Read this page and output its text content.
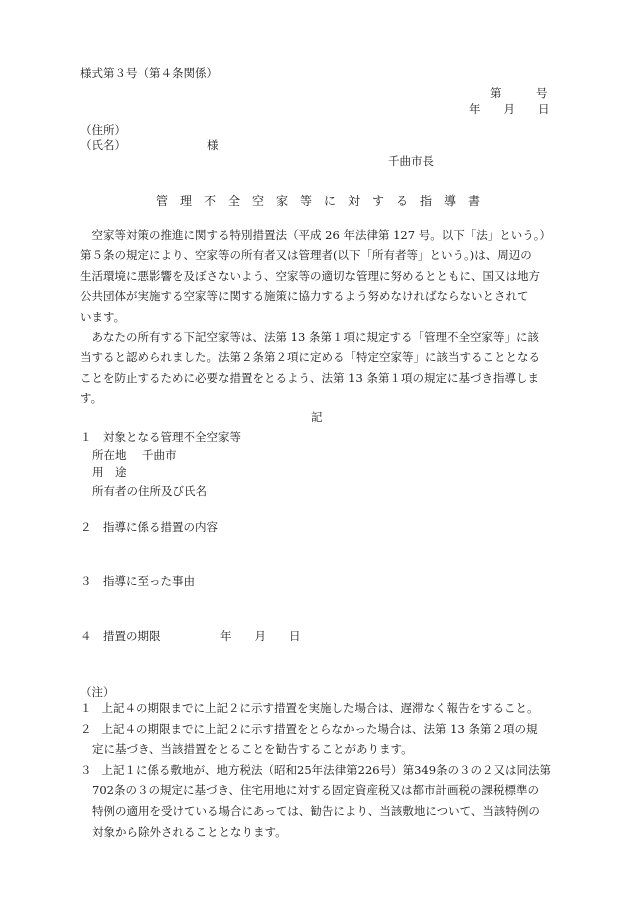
様式第３号（第４条関係）
第　　　号
年　　月　　日
（住所）
（氏名）	様
千曲市長
管　理　不　全　空　家　等　に　対　す　る　指　導　書
　空家等対策の推進に関する特別措置法（平成 26 年法律第 127 号。以下「法」という。）
第５条の規定により、空家等の所有者又は管理者(以下「所有者等」という。)は、周辺の
生活環境に悪影響を及ぼさないよう、空家等の適切な管理に努めるとともに、国又は地方
公共団体が実施する空家等に関する施策に協力するよう努めなければならないとされて
います。
　あなたの所有する下記空家等は、法第 13 条第１項に規定する「管理不全空家等」に該
当すると認められました。法第２条第２項に定める「特定空家等」に該当することとなる
ことを防止するために必要な措置をとるよう、法第 13 条第１項の規定に基づき指導しま
す。
記
１　対象となる管理不全空家等
所在地 千曲市
用　途
所有者の住所及び氏名
２　指導に係る措置の内容
３　指導に至った事由
４　措置の期限	年　　月　　日
（注）
１ 上記４の期限までに上記２に示す措置を実施した場合は、遅滞なく報告をすること。
２ 上記４の期限までに上記２に示す措置をとらなかった場合は、法第 13 条第２項の規
定に基づき、当該措置をとることを勧告することがあります。
３ 上記１に係る敷地が、地方税法（昭和25年法律第226号）第349条の３の２又は同法第
702条の３の規定に基づき、住宅用地に対する固定資産税又は都市計画税の課税標準の
特例の適用を受けている場合にあっては、勧告により、当該敷地について、当該特例の
対象から除外されることとなります。
